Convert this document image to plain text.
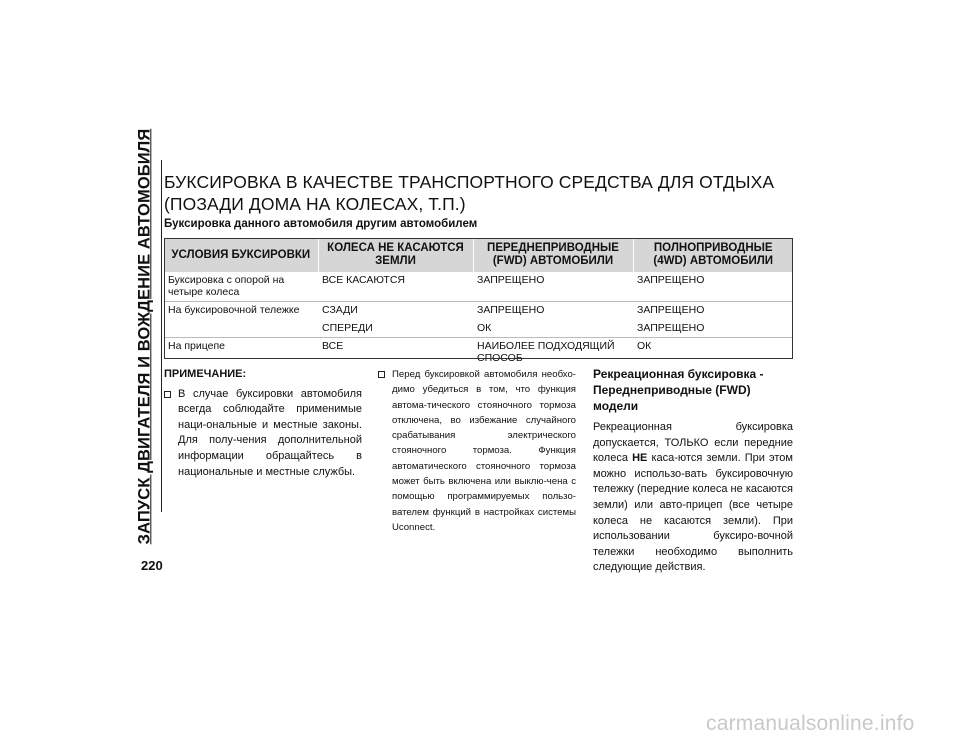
ЗАПУСК ДВИГАТЕЛЯ И ВОЖДЕНИЕ АВТОМОБИЛЯ
220
БУКСИРОВКА В КАЧЕСТВЕ ТРАНСПОРТНОГО СРЕДСТВА ДЛЯ ОТДЫХА (ПОЗАДИ ДОМА НА КОЛЕСАХ, Т.П.)
Буксировка данного автомобиля другим автомобилем
УСЛОВИЯ БУКСИРОВКИ	КОЛЕСА НЕ КАСАЮТСЯ ЗЕМЛИ	ПЕРЕДНЕПРИВОДНЫЕ (FWD) АВТОМОБИЛИ	ПОЛНОПРИВОДНЫЕ (4WD) АВТОМОБИЛИ
Буксировка с опорой на четыре колеса	ВСЕ КАСАЮТСЯ	ЗАПРЕЩЕНО	ЗАПРЕЩЕНО
На буксировочной тележке	СЗАДИ	ЗАПРЕЩЕНО	ЗАПРЕЩЕНО
	СПЕРЕДИ	ОК	ЗАПРЕЩЕНО
На прицепе	ВСЕ	НАИБОЛЕЕ ПОДХОДЯЩИЙ СПОСОБ	ОК

ПРИМЕЧАНИЕ:

В случае буксировки автомобиля всегда соблюдайте применимые наци-ональные и местные законы. Для полу-чения дополнительной информации обращайтесь в национальные и местные службы.

Перед буксировкой автомобиля необхо-димо убедиться в том, что функция автома-тического стояночного тормоза отключена, во избежание случайного срабатывания электрического стояночного тормоза. Функция автоматического стояночного тормоза может быть включена или выклю-чена с помощью программируемых пользо-вателем функций в настройках системы Uconnect.

Рекреационная буксировка - Переднеприводные (FWD) модели

Рекреационная буксировка допускается, ТОЛЬКО если передние колеса НЕ каса-ются земли. При этом можно использо-вать буксировочную тележку (передние колеса не касаются земли) или авто-прицеп (все четыре колеса не касаются земли). При использовании буксиро-вочной тележки необходимо выполнить следующие действия.

carmanualsonline.info
